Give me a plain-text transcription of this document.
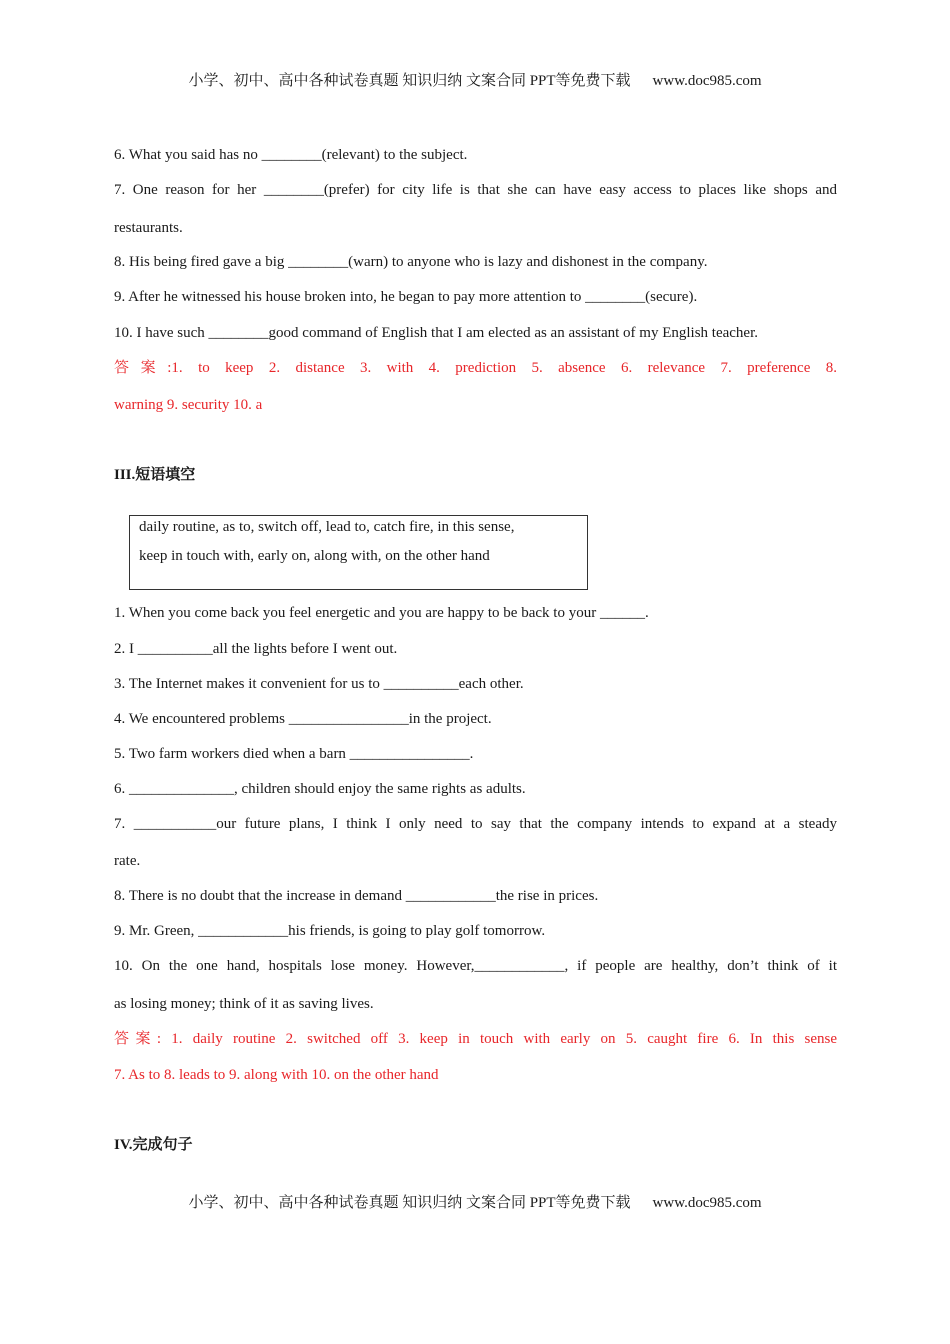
小学、初中、高中各种试卷真题 知识归纳 文案合同 PPT等免费下载 www.doc985.com
6. What you said has no ________(relevant) to the subject.
7. One reason for her ________(prefer) for city life is that she can have easy access to places like shops and
restaurants.
8. His being fired gave a big ________(warn) to anyone who is lazy and dishonest in the company.
9. After he witnessed his house broken into, he began to pay more attention to ________(secure).
10. I have such ________good command of English that I am elected as an assistant of my English teacher.
答案:1. to keep 2. distance 3. with 4. prediction 5. absence 6. relevance 7. preference 8.
warning 9. security 10. a
III.短语填空
daily routine, as to, switch off, lead to, catch fire, in this sense,
keep in touch with, early on, along with, on the other hand
1. When you come back you feel energetic and you are happy to be back to your ______.
2. I __________all the lights before I went out.
3. The Internet makes it convenient for us to __________each other.
4. We encountered problems ________________in the project.
5. Two farm workers died when a barn ________________.
6. ______________, children should enjoy the same rights as adults.
7. ___________our future plans, I think I only need to say that the company intends to expand at a steady
rate.
8. There is no doubt that the increase in demand ____________the rise in prices.
9. Mr. Green, ____________his friends, is going to play golf tomorrow.
10. On the one hand, hospitals lose money. However,____________, if people are healthy, don’t think of it
as losing money; think of it as saving lives.
答案: 1. daily routine 2. switched off 3. keep in touch with early on 5. caught fire 6. In this sense
7. As to 8. leads to 9. along with 10. on the other hand
IV.完成句子
小学、初中、高中各种试卷真题 知识归纳 文案合同 PPT等免费下载 www.doc985.com
